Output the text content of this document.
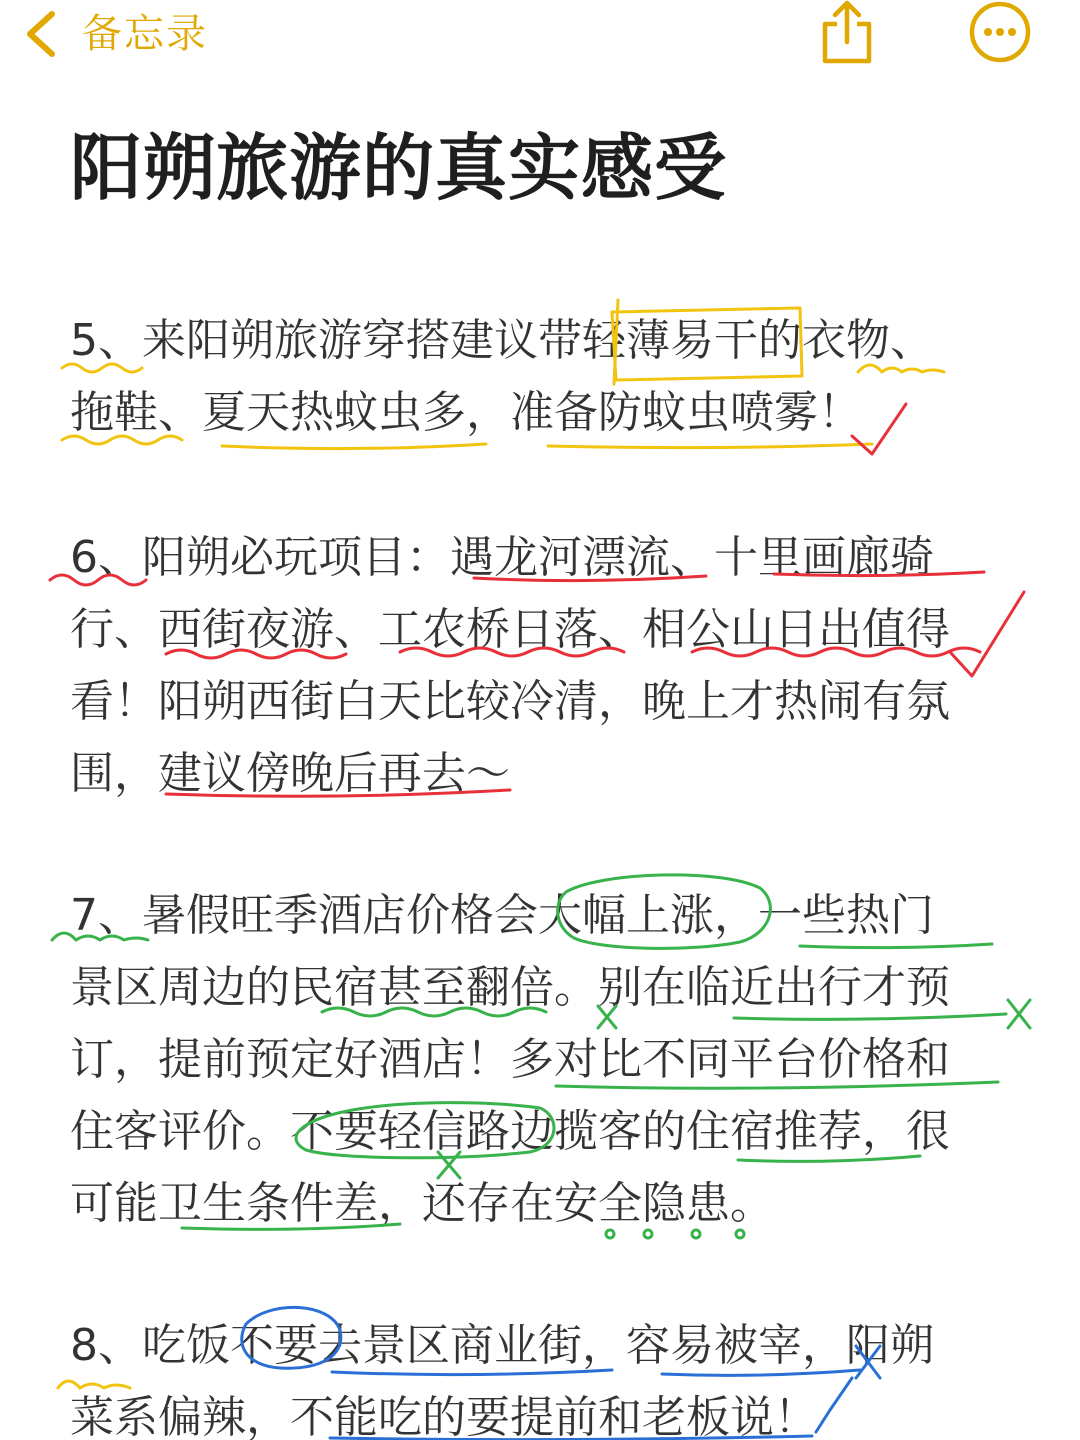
备忘录
阳朔旅游的真实感受
5、来阳朔旅游穿搭建议带轻薄易干的衣物、
拖鞋、夏天热蚊虫多，准备防蚊虫喷雾！
6、阳朔必玩项目：遇龙河漂流、十里画廊骑
行、西街夜游、工农桥日落、相公山日出值得
看！阳朔西街白天比较冷清，晚上才热闹有氛
围，建议傍晚后再去～
7、暑假旺季酒店价格会大幅上涨，一些热门
景区周边的民宿甚至翻倍。别在临近出行才预
订，提前预定好酒店！多对比不同平台价格和
住客评价。不要轻信路边揽客的住宿推荐，很
可能卫生条件差，还存在安全隐患。
8、吃饭不要去景区商业街，容易被宰，阳朔
菜系偏辣，不能吃的要提前和老板说！
